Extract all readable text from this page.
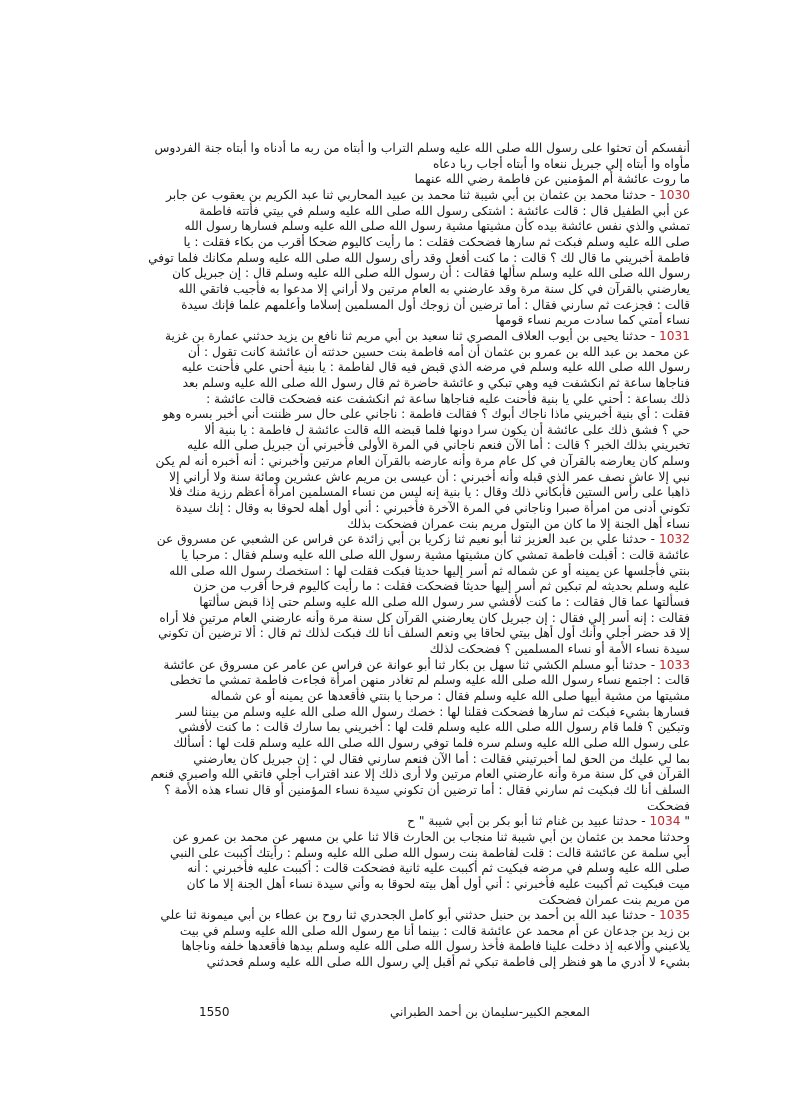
أنفسكم أن تحثوا على رسول الله صلى الله عليه وسلم التراب وا أبتاه من ربه ما أدناه وا أبتاه جنة الفردوس
مأواه وا أبتاه إلي جبريل ننعاه وا أبتاه أجاب ربا دعاه
ما روت عائشة أم المؤمنين عن فاطمة رضي الله عنهما
1030 - حدثنا محمد بن عثمان بن أبي شيبة ثنا محمد بن عبيد المحاربي ثنا عبد الكريم بن يعقوب عن جابر
عن أبي الطفيل قال : قالت عائشة : اشتكى رسول الله صلى الله عليه وسلم في بيتي فأتته فاطمة
تمشي والذي نفس عائشة بيده كأن مشيتها مشية رسول الله صلى الله عليه وسلم فسارها رسول الله
صلى الله عليه وسلم فبكت ثم سارها فضحكت فقلت : ما رأيت كاليوم ضحكا أقرب من بكاء فقلت : يا
فاطمة أخبريني ما قال لك ؟ قالت : ما كنت أفعل وقد رأى رسول الله صلى الله عليه وسلم مكانك فلما توفي
رسول الله صلى الله عليه وسلم سألها فقالت : أن رسول الله صلى الله عليه وسلم قال : إن جبريل كان
يعارضني بالقرآن في كل سنة مرة وقد عارضني به العام مرتين ولا أراني إلا مدعوا به فأجيب فاتقي الله
قالت : فجزعت ثم سارني فقال : أما ترضين أن زوجك أول المسلمين إسلاما وأعلمهم علما فإنك سيدة
نساء أمتي كما سادت مريم نساء قومها
1031 - حدثنا يحيى بن أيوب العلاف المصري ثنا سعيد بن أبي مريم ثنا نافع بن يزيد حدثني عمارة بن غزية
عن محمد بن عبد الله بن عمرو بن عثمان أن أمه فاطمة بنت حسين حدثته أن عائشة كانت تقول : أن
رسول الله صلى الله عليه وسلم في مرضه الذي قبض فيه قال لفاطمة : يا بنية أحني علي فأحنت عليه
فناجاها ساعة ثم انكشفت فيه وهي تبكي و عائشة حاضرة ثم قال رسول الله صلى الله عليه وسلم بعد
ذلك بساعة : أحني علي يا بنية فأحنت عليه فناجاها ساعة ثم انكشفت عنه فضحكت قالت عائشة :
فقلت : أي بنية أخبريني ماذا ناجاك أبوك ؟ فقالت فاطمة : ناجاني على حال سر ظننت أني أخبر بسره وهو
حي ؟ فشق ذلك على عائشة أن يكون سرا دونها فلما قبضه الله قالت عائشة ل فاطمة : يا بنية ألا
تخبريني بذلك الخبر ؟ قالت : أما الآن فنعم ناجاني في المرة الأولى فأخبرني أن جبريل صلى الله عليه
وسلم كان يعارضه بالقرآن في كل عام مرة وأنه عارضه بالقرآن العام مرتين وأخبرني : أنه أخبره أنه لم يكن
نبي إلا عاش نصف عمر الذي قبله وأنه أخبرني : أن عيسى بن مريم عاش عشرين ومائة سنة ولا أراني إلا
ذاهبا على رأس الستين فأبكاني ذلك وقال : يا بنية إنه ليس من نساء المسلمين امرأة أعظم رزية منك فلا
تكوني أدنى من امرأة صبرا وناجاني في المرة الآخرة فأخبرني : أني أول أهله لحوقا به وقال : إنك سيدة
نساء أهل الجنة إلا ما كان من البتول مريم بنت عمران فضحكت بذلك
1032 - حدثنا علي بن عبد العزيز ثنا أبو نعيم ثنا زكريا بن أبي زائدة عن فراس عن الشعبي عن مسروق عن
عائشة قالت : أقبلت فاطمة تمشي كان مشيتها مشية رسول الله صلى الله عليه وسلم فقال : مرحبا يا
بنتي فأجلسها عن يمينه أو عن شماله ثم أسر إليها حديثا فبكت فقلت لها : استخصك رسول الله صلى الله
عليه وسلم بحديثه لم تبكين ثم أسر إليها حديثا فضحكت فقلت : ما رأيت كاليوم فرحا أقرب من حزن
فسألتها عما قال فقالت : ما كنت لأفشي سر رسول الله صلى الله عليه وسلم حتى إذا قبض سألتها
فقالت : إنه أسر إلي فقال : إن جبريل كان يعارضني القرآن كل سنة مرة وأنه عارضني العام مرتين فلا أراه
إلا قد حضر أجلي وأنك أول أهل بيتي لحاقا بي ونعم السلف أنا لك فبكت لذلك ثم قال : ألا ترضين أن تكوني
سيدة نساء الأمة أو نساء المسلمين ؟ فضحكت لذلك
1033 - حدثنا أبو مسلم الكشي ثنا سهل بن بكار ثنا أبو عوانة عن فراس عن عامر عن مسروق عن عائشة
قالت : اجتمع نساء رسول الله صلى الله عليه وسلم لم تغادر منهن امرأة فجاءت فاطمة تمشي ما تخطى
مشيتها من مشية أبيها صلى الله عليه وسلم فقال : مرحبا يا بنتي فأقعدها عن يمينه أو عن شماله
فسارها بشيء فبكت ثم سارها فضحكت فقلنا لها : خصك رسول الله صلى الله عليه وسلم من بيننا لسر
وتبكين ؟ فلما قام رسول الله صلى الله عليه وسلم قلت لها : أخبريني بما سارك قالت : ما كنت لأفشي
على رسول الله صلى الله عليه وسلم سره فلما توفي رسول الله صلى الله عليه وسلم قلت لها : أسألك
بما لي عليك من الحق لما أخبرتيني فقالت : أما الآن فنعم سارني فقال لي : إن جبريل كان يعارضني
القرآن في كل سنة مرة وأنه عارضني العام مرتين ولا أرى ذلك إلا عند اقتراب أجلي فاتقي الله واصبري فنعم
السلف أنا لك فبكيت ثم سارني فقال : أما ترضين أن تكوني سيدة نساء المؤمنين أو قال نساء هذه الأمة ؟
فضحكت
" 1034 - حدثنا عبيد بن غنام ثنا أبو بكر بن أبي شيبة " ح
وحدثنا محمد بن عثمان بن أبي شيبة ثنا منجاب بن الحارث قالا ثنا علي بن مسهر عن محمد بن عمرو عن
أبي سلمة عن عائشة قالت : قلت لفاطمة بنت رسول الله صلى الله عليه وسلم : رأيتك أكببت على النبي
صلى الله عليه وسلم في مرضه فبكيت ثم أكببت عليه ثانية فضحكت قالت : أكببت عليه فأخبرني : أنه
ميت فبكيت ثم أكببت عليه فأخبرني : أني أول أهل بيته لحوقا به وأني سيدة نساء أهل الجنة إلا ما كان
من مريم بنت عمران فضحكت
1035 - حدثنا عبد الله بن أحمد بن حنبل حدثني أبو كامل الجحدري ثنا روح بن عطاء بن أبي ميمونة ثنا علي
بن زيد بن جدعان عن أم محمد عن عائشة قالت : بينما أنا مع رسول الله صلى الله عليه وسلم في بيت
يلاعبني وألاعبه إذ دخلت علينا فاطمة فأخذ رسول الله صلى الله عليه وسلم بيدها فأقعدها خلفه وناجاها
بشيء لا أدري ما هو فنظر إلى فاطمة تبكي ثم أقبل إلي رسول الله صلى الله عليه وسلم فحدثني
المعجم الكبير-سليمان بن أحمد الطبراني
1550
